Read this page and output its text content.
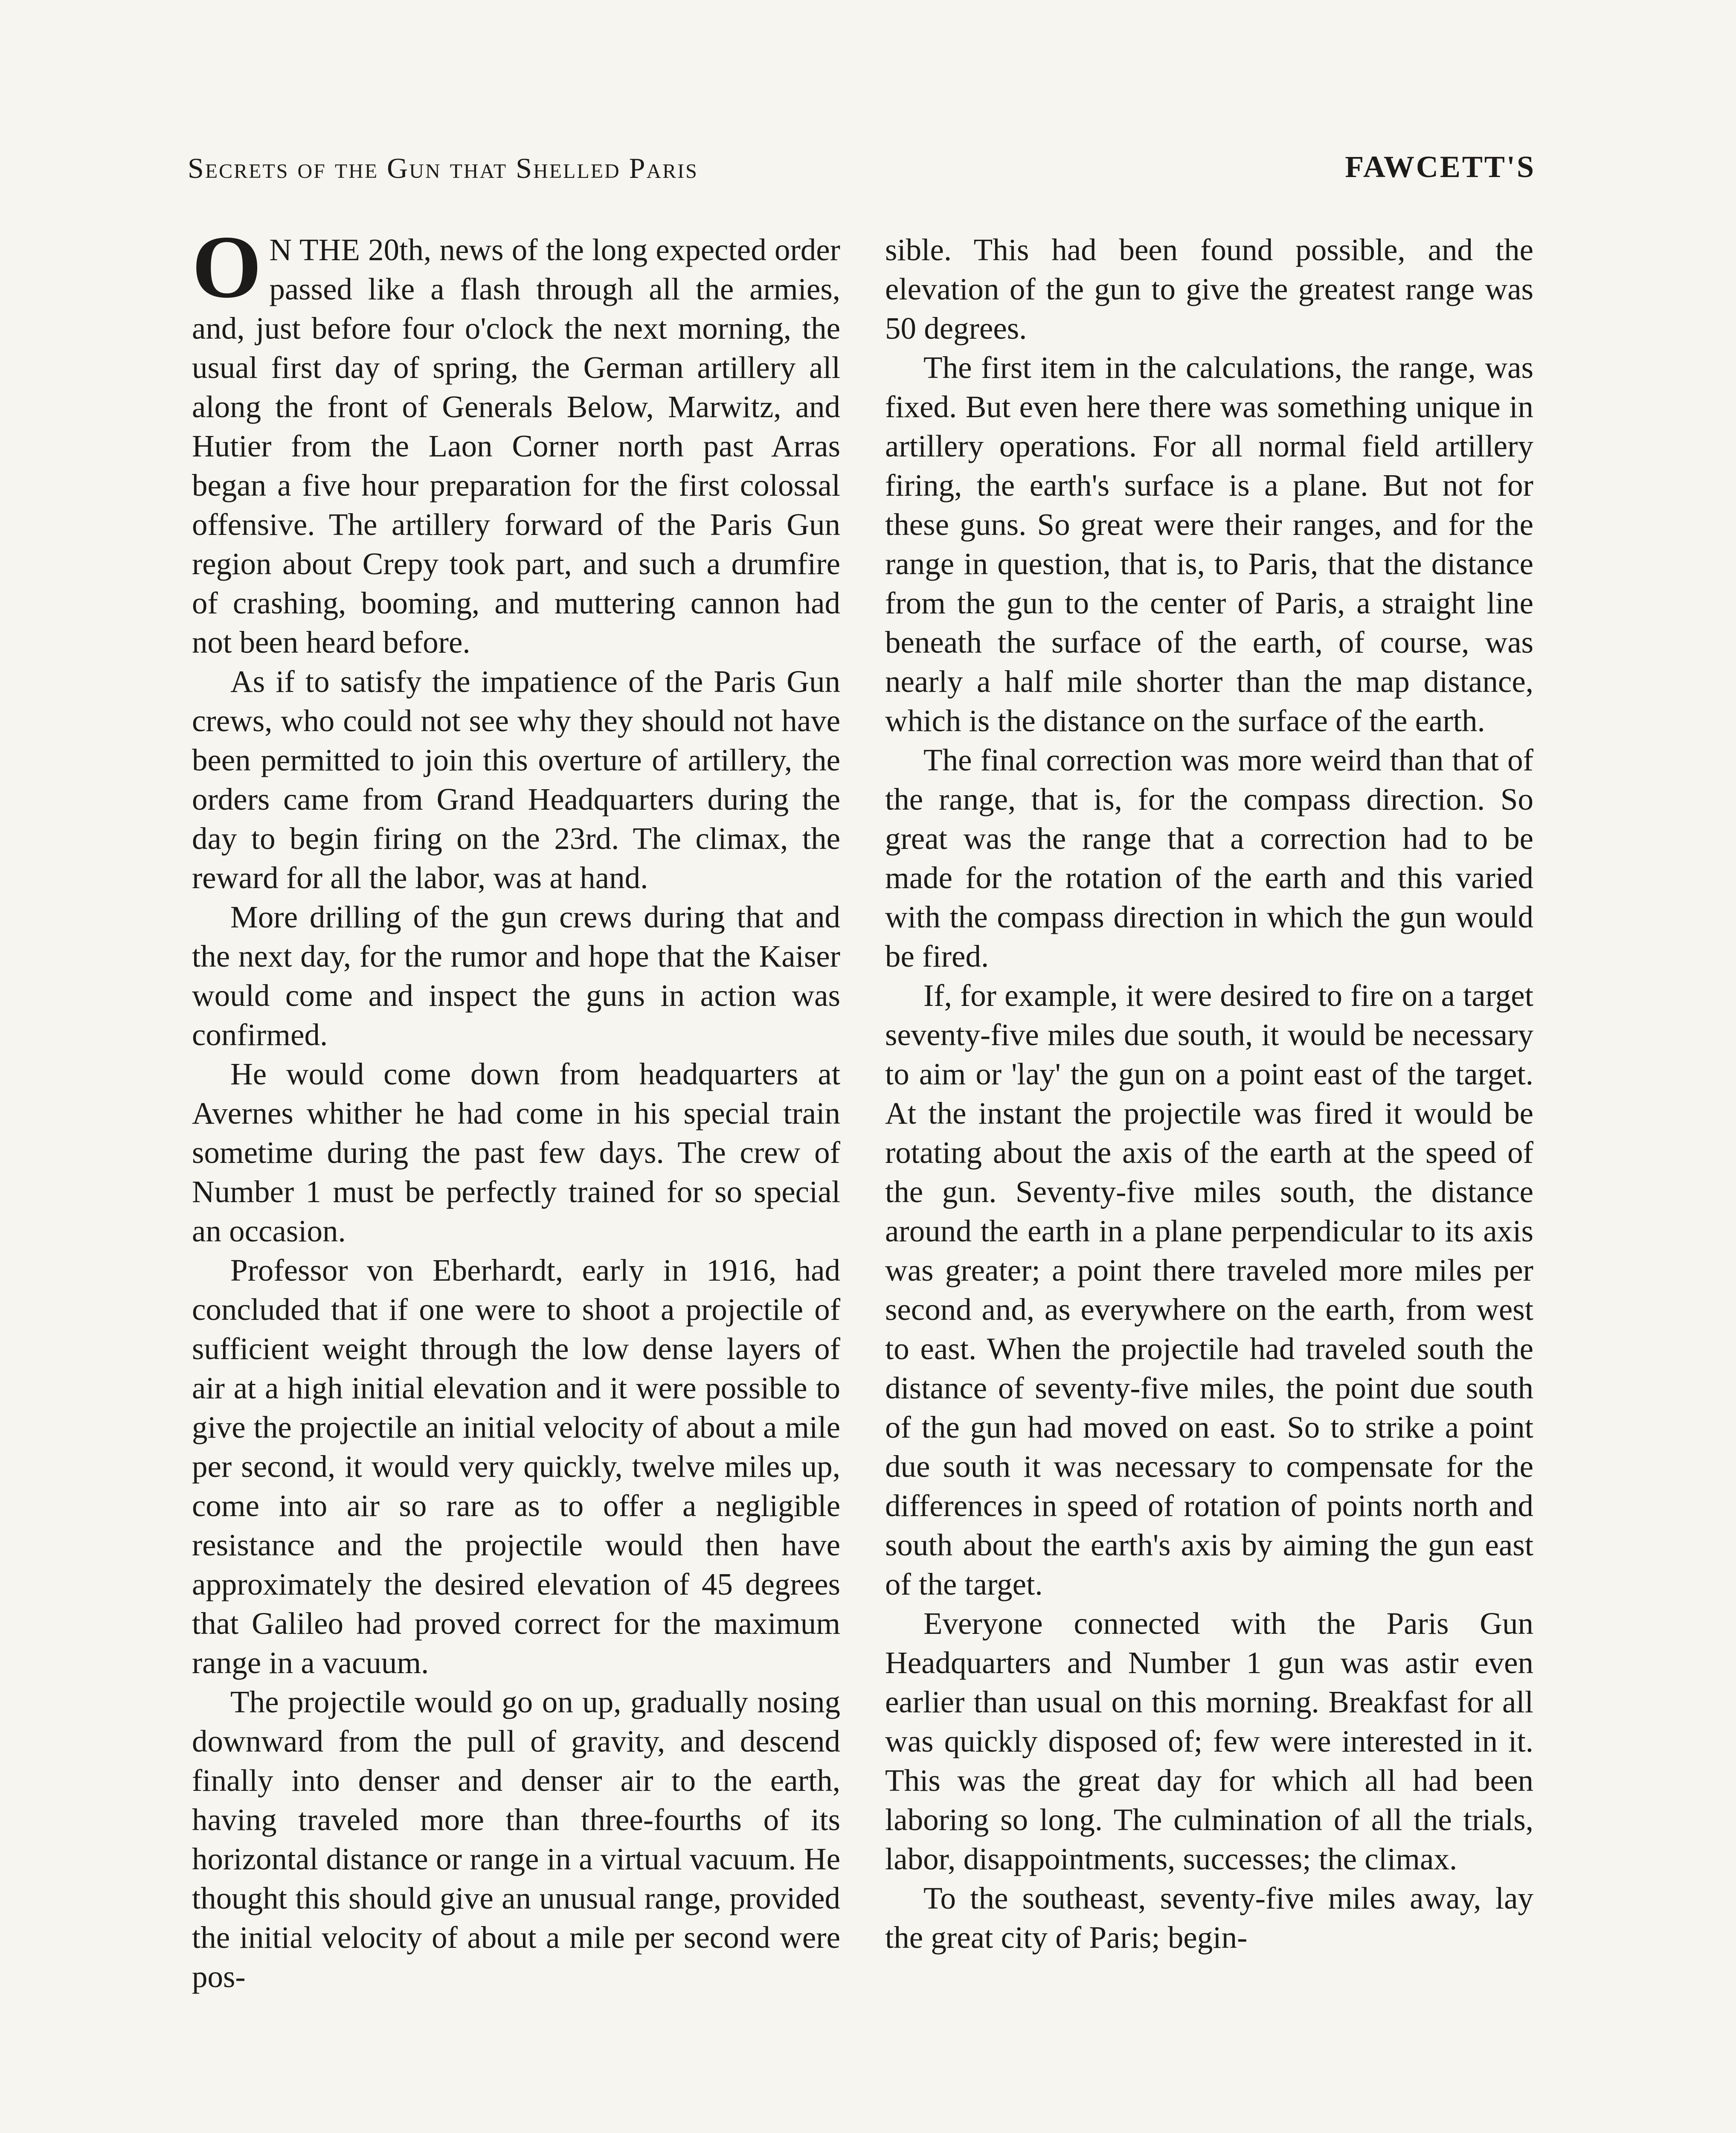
Secrets of the Gun that Shelled Paris	FAWCETT'S

O N THE 20th, news of the long expected order passed like a flash through all the armies, and, just before four o'clock the next morning, the usual first day of spring, the German artillery all along the front of Generals Below, Marwitz, and Hutier from the Laon Corner north past Arras began a five hour preparation for the first colossal offensive. The artillery forward of the Paris Gun region about Crepy took part, and such a drumfire of crashing, booming, and muttering cannon had not been heard before.

As if to satisfy the impatience of the Paris Gun crews, who could not see why they should not have been permitted to join this overture of artillery, the orders came from Grand Headquarters during the day to begin firing on the 23rd. The climax, the reward for all the labor, was at hand.

More drilling of the gun crews during that and the next day, for the rumor and hope that the Kaiser would come and inspect the guns in action was confirmed.

He would come down from headquarters at Avernes whither he had come in his special train sometime during the past few days. The crew of Number 1 must be perfectly trained for so special an occasion.

Professor von Eberhardt, early in 1916, had concluded that if one were to shoot a projectile of sufficient weight through the low dense layers of air at a high initial elevation and it were possible to give the projectile an initial velocity of about a mile per second, it would very quickly, twelve miles up, come into air so rare as to offer a negligible resistance and the projectile would then have approximately the desired elevation of 45 degrees that Galileo had proved correct for the maximum range in a vacuum.

The projectile would go on up, gradually nosing downward from the pull of gravity, and descend finally into denser and denser air to the earth, having traveled more than three-fourths of its horizontal distance or range in a virtual vacuum. He thought this should give an unusual range, provided the initial velocity of about a mile per second were pos-

sible. This had been found possible, and the elevation of the gun to give the greatest range was 50 degrees.

The first item in the calculations, the range, was fixed. But even here there was something unique in artillery operations. For all normal field artillery firing, the earth's surface is a plane. But not for these guns. So great were their ranges, and for the range in question, that is, to Paris, that the distance from the gun to the center of Paris, a straight line beneath the surface of the earth, of course, was nearly a half mile shorter than the map distance, which is the distance on the surface of the earth.

The final correction was more weird than that of the range, that is, for the compass direction. So great was the range that a correction had to be made for the rotation of the earth and this varied with the compass direction in which the gun would be fired.

If, for example, it were desired to fire on a target seventy-five miles due south, it would be necessary to aim or 'lay' the gun on a point east of the target. At the instant the projectile was fired it would be rotating about the axis of the earth at the speed of the gun. Seventy-five miles south, the distance around the earth in a plane perpendicular to its axis was greater; a point there traveled more miles per second and, as everywhere on the earth, from west to east. When the projectile had traveled south the distance of seventy-five miles, the point due south of the gun had moved on east. So to strike a point due south it was necessary to compensate for the differences in speed of rotation of points north and south about the earth's axis by aiming the gun east of the target.

Everyone connected with the Paris Gun Headquarters and Number 1 gun was astir even earlier than usual on this morning. Breakfast for all was quickly disposed of; few were interested in it. This was the great day for which all had been laboring so long. The culmination of all the trials, labor, disappointments, successes; the climax.

To the southeast, seventy-five miles away, lay the great city of Paris; begin-
